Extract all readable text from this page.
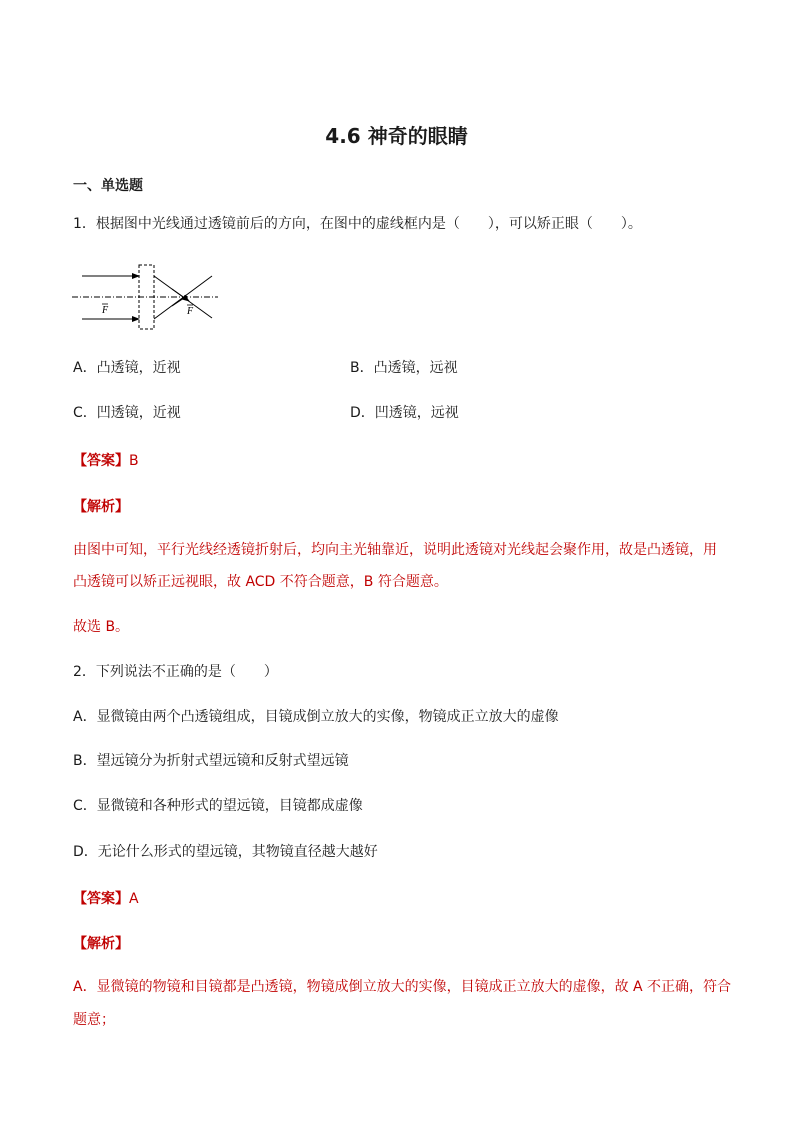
4.6 神奇的眼睛

一、单选题

1．根据图中光线通过透镜前后的方向，在图中的虚线框内是（　　），可以矫正眼（　　）。

F	F

A．凸透镜，近视	B．凸透镜，远视

C．凹透镜，近视	D．凹透镜，远视

【答案】B

【解析】

由图中可知，平行光线经透镜折射后，均向主光轴靠近，说明此透镜对光线起会聚作用，故是凸透镜，用

凸透镜可以矫正远视眼，故 ACD 不符合题意，B 符合题意。

故选 B。

2．下列说法不正确的是（　　）

A．显微镜由两个凸透镜组成，目镜成倒立放大的实像，物镜成正立放大的虚像

B．望远镜分为折射式望远镜和反射式望远镜

C．显微镜和各种形式的望远镜，目镜都成虚像

D．无论什么形式的望远镜，其物镜直径越大越好

【答案】A

【解析】

A．显微镜的物镜和目镜都是凸透镜，物镜成倒立放大的实像，目镜成正立放大的虚像，故 A 不正确，符合

题意；
